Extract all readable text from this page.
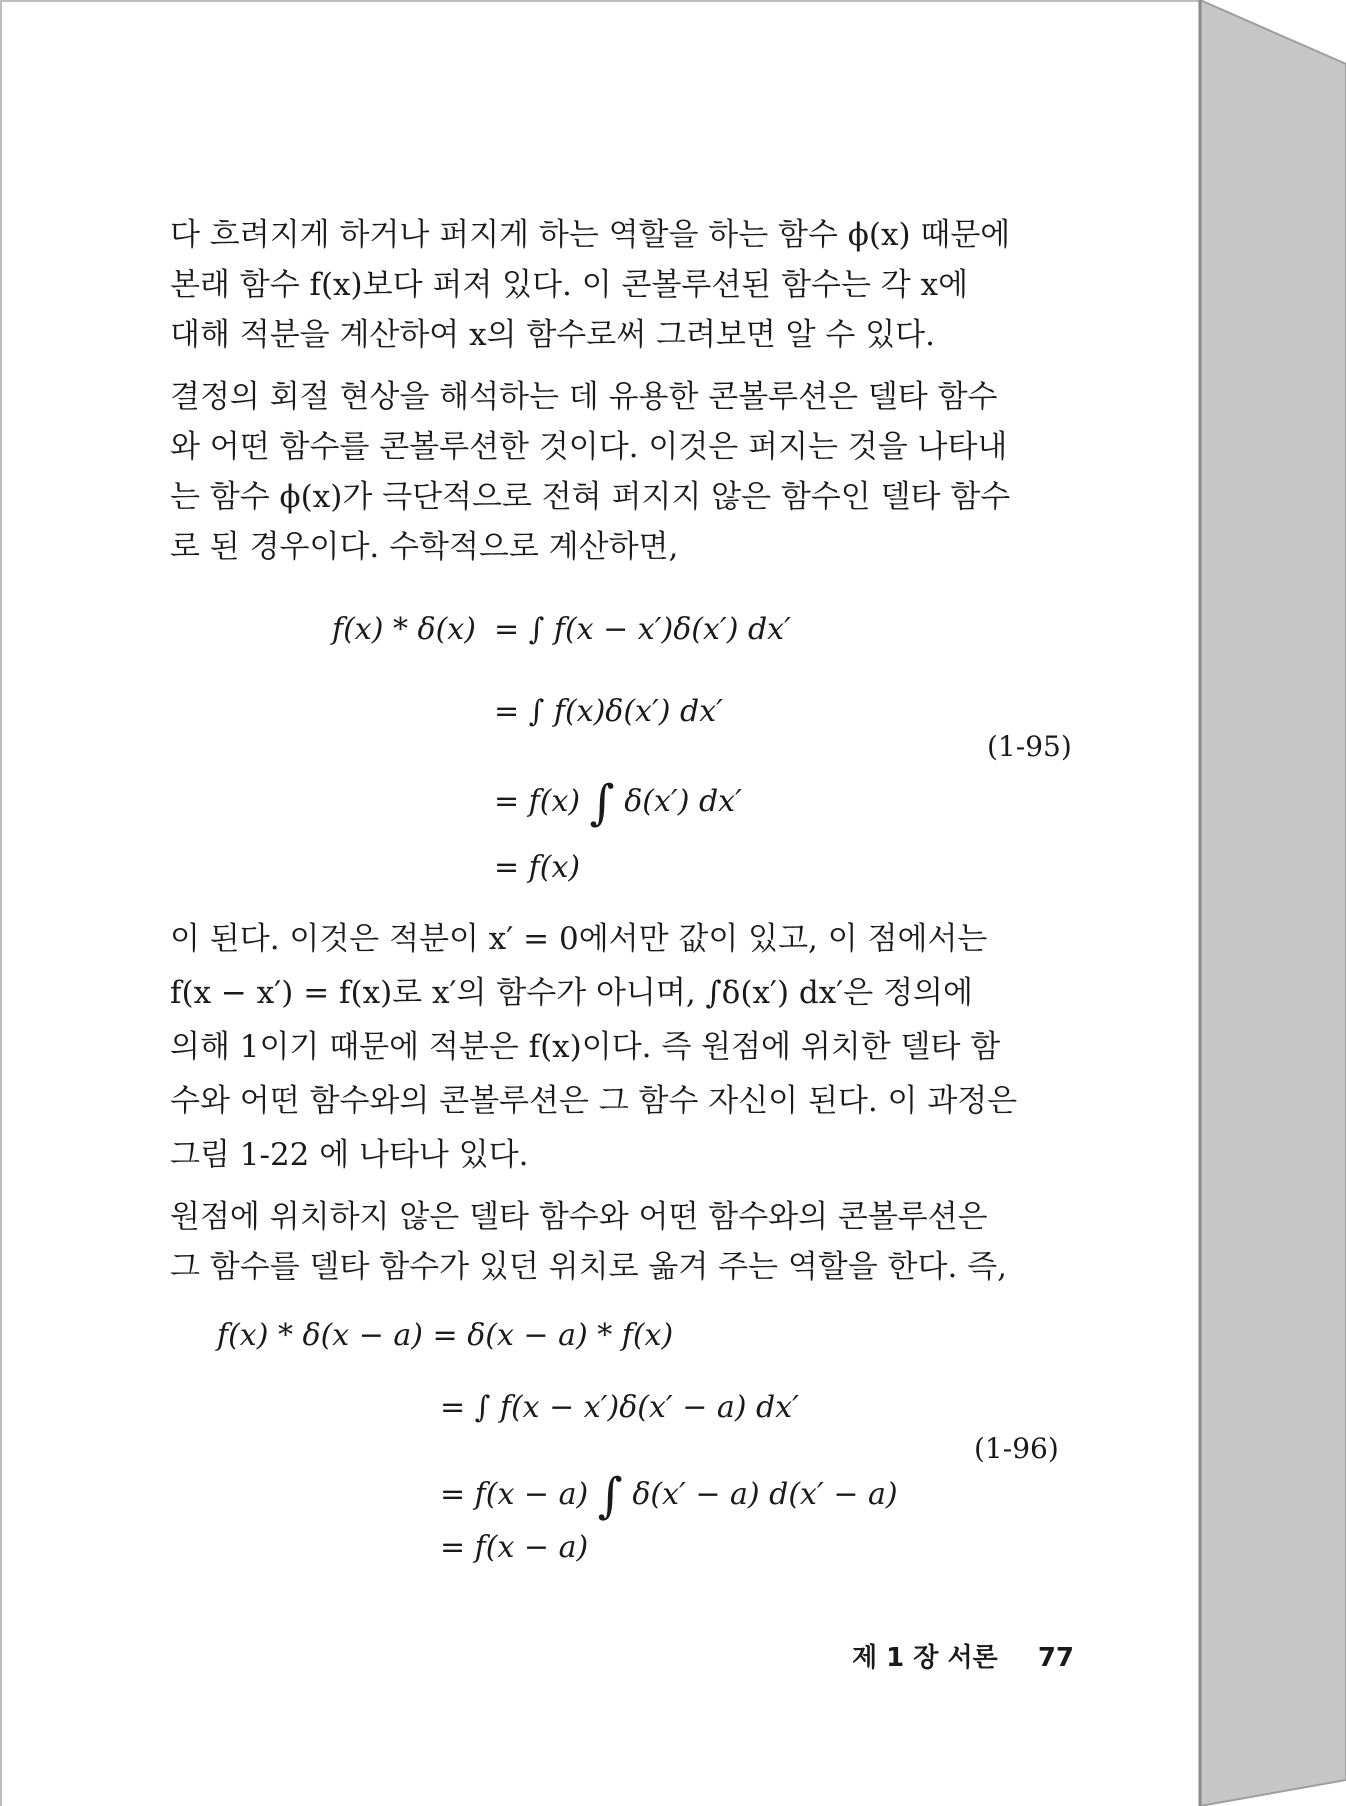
다 흐려지게 하거나 퍼지게 하는 역할을 하는 함수 ϕ(x) 때문에
본래 함수 f(x)보다 퍼져 있다. 이 콘볼루션된 함수는 각 x에
대해 적분을 계산하여 x의 함수로써 그려보면 알 수 있다.
결정의 회절 현상을 해석하는 데 유용한 콘볼루션은 델타 함수
와 어떤 함수를 콘볼루션한 것이다. 이것은 퍼지는 것을 나타내
는 함수 ϕ(x)가 극단적으로 전혀 퍼지지 않은 함수인 델타 함수
로 된 경우이다. 수학적으로 계산하면,
f(x) * δ(x) = ∫ f(x − x′)δ(x′) dx′
= ∫ f(x)δ(x′) dx′
= f(x) ∫ δ(x′) dx′
= f(x)
(1-95)
이 된다. 이것은 적분이 x′ = 0에서만 값이 있고, 이 점에서는
f(x − x′) = f(x)로 x′의 함수가 아니며, ∫δ(x′) dx′은 정의에
의해 1이기 때문에 적분은 f(x)이다. 즉 원점에 위치한 델타 함
수와 어떤 함수와의 콘볼루션은 그 함수 자신이 된다. 이 과정은
그림 1-22 에 나타나 있다.
원점에 위치하지 않은 델타 함수와 어떤 함수와의 콘볼루션은
그 함수를 델타 함수가 있던 위치로 옮겨 주는 역할을 한다. 즉,
f(x) * δ(x − a) = δ(x − a) * f(x)
= ∫ f(x − x′)δ(x′ − a) dx′
= f(x − a) ∫ δ(x′ − a) d(x′ − a)
= f(x − a)
(1-96)
제 1 장 서론 77
